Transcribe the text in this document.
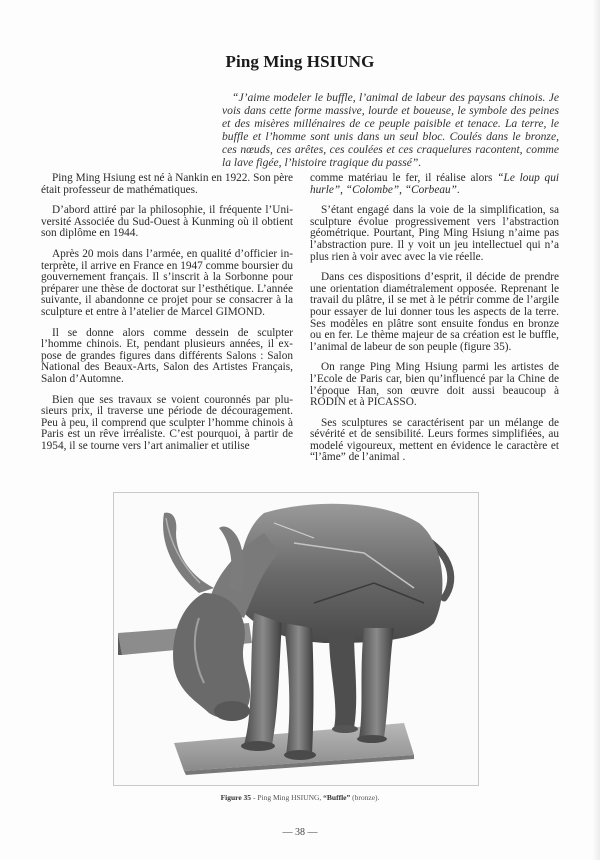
Ping Ming HSIUNG

“J’aime modeler le buffle, l’animal de labeur des paysans chinois. Je vois dans cette forme massive, lourde et boueuse, le symbole des peines et des misères millénaires de ce peuple paisible et tenace. La terre, le buffle et l’homme sont unis dans un seul bloc. Coulés dans le bronze, ces nœuds, ces arêtes, ces coulées et ces craquelures racontent, comme la lave figée, l’histoire tragique du passé”.

Ping Ming Hsiung est né à Nankin en 1922. Son père était professeur de mathématiques.

D’abord attiré par la philosophie, il fréquente l’Université Associée du Sud-Ouest à Kunming où il obtient son diplôme en 1944.

Après 20 mois dans l’armée, en qualité d’officier interprète, il arrive en France en 1947 comme boursier du gouvernement français. Il s’inscrit à la Sorbonne pour préparer une thèse de doctorat sur l’esthétique. L’année suivante, il abandonne ce projet pour se consacrer à la sculpture et entre à l’atelier de Marcel GIMOND.

Il se donne alors comme dessein de sculpter l’homme chinois. Et, pendant plusieurs années, il expose de grandes figures dans différents Salons : Salon National des Beaux-Arts, Salon des Artistes Français, Salon d’Automne.

Bien que ses travaux se voient couronnés par plusieurs prix, il traverse une période de découragement. Peu à peu, il comprend que sculpter l’homme chinois à Paris est un rêve irréaliste. C’est pourquoi, à partir de 1954, il se tourne vers l’art animalier et utilise

comme matériau le fer, il réalise alors “Le loup qui hurle”, “Colombe”, “Corbeau”.

S’étant engagé dans la voie de la simplification, sa sculpture évolue progressivement vers l’abstraction géométrique. Pourtant, Ping Ming Hsiung n’aime pas l’abstraction pure. Il y voit un jeu intellectuel qui n’a plus rien à voir avec avec la vie réelle.

Dans ces dispositions d’esprit, il décide de prendre une orientation diamétralement opposée. Reprenant le travail du plâtre, il se met à le pétrir comme de l’argile pour essayer de lui donner tous les aspects de la terre. Ses modèles en plâtre sont ensuite fondus en bronze ou en fer. Le thème majeur de sa création est le buffle, l’animal de labeur de son peuple (figure 35).

On range Ping Ming Hsiung parmi les artistes de l’Ecole de Paris car, bien qu’influencé par la Chine de l’époque Han, son œuvre doit aussi beaucoup à RODIN et à PICASSO.

Ses sculptures se caractérisent par un mélange de sévérité et de sensibilité. Leurs formes simplifiées, au modelé vigoureux, mettent en évidence le caractère et “l’âme” de l’animal .

Figure 35 - Ping Ming HSIUNG, “Buffle” (bronze).
— 38 —
